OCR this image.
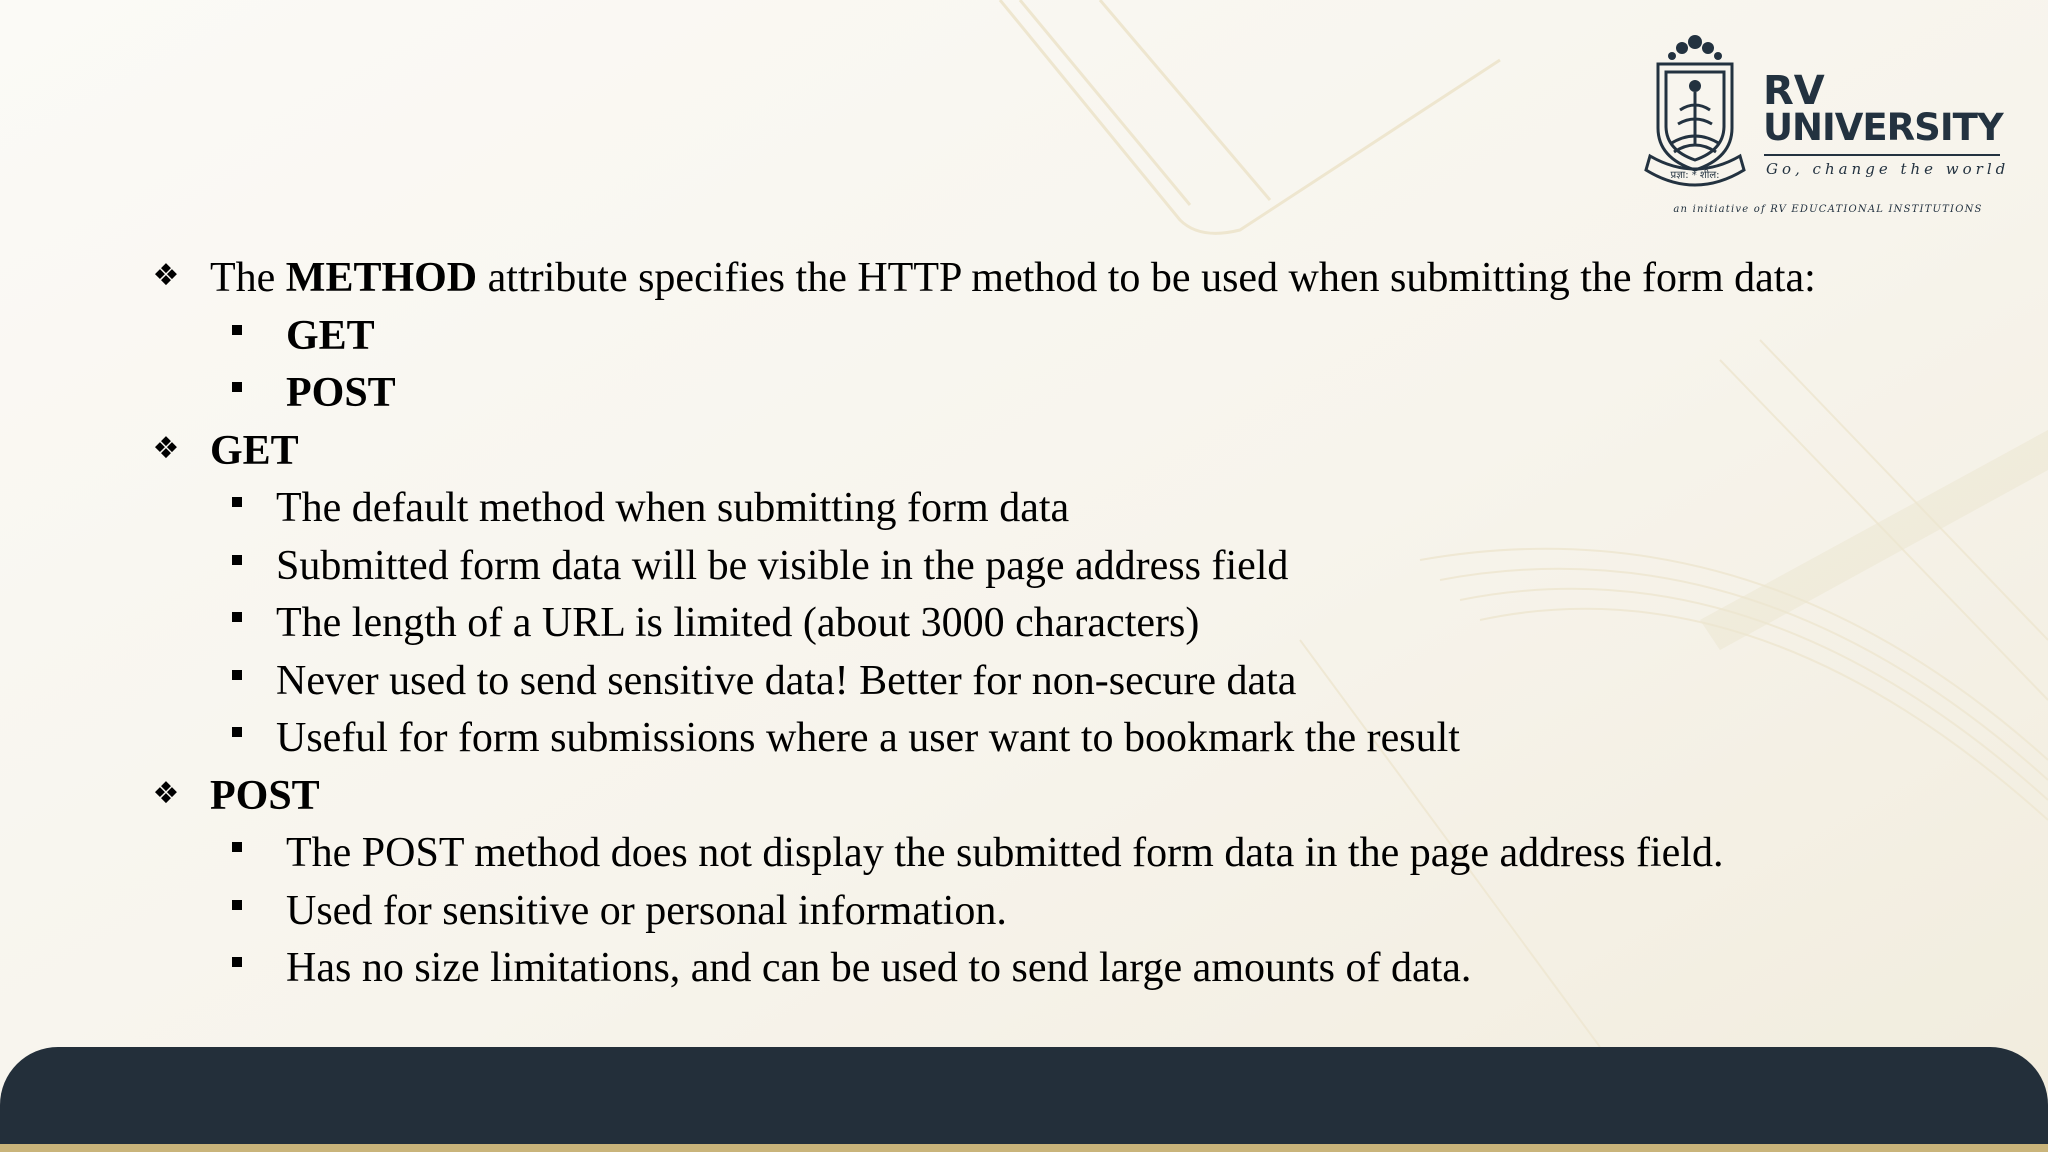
प्रज्ञा: * शील:

RV

UNIVERSITY

Go, change the world

an initiative of RV EDUCATIONAL INSTITUTIONS

❖ The METHOD attribute specifies the HTTP method to be used when submitting the form data:
GET
POST
❖ GET
The default method when submitting form data
Submitted form data will be visible in the page address field
The length of a URL is limited (about 3000 characters)
Never used to send sensitive data! Better for non-secure data
Useful for form submissions where a user want to bookmark the result
❖ POST
The POST method does not display the submitted form data in the page address field.
Used for sensitive or personal information.
Has no size limitations, and can be used to send large amounts of data.
